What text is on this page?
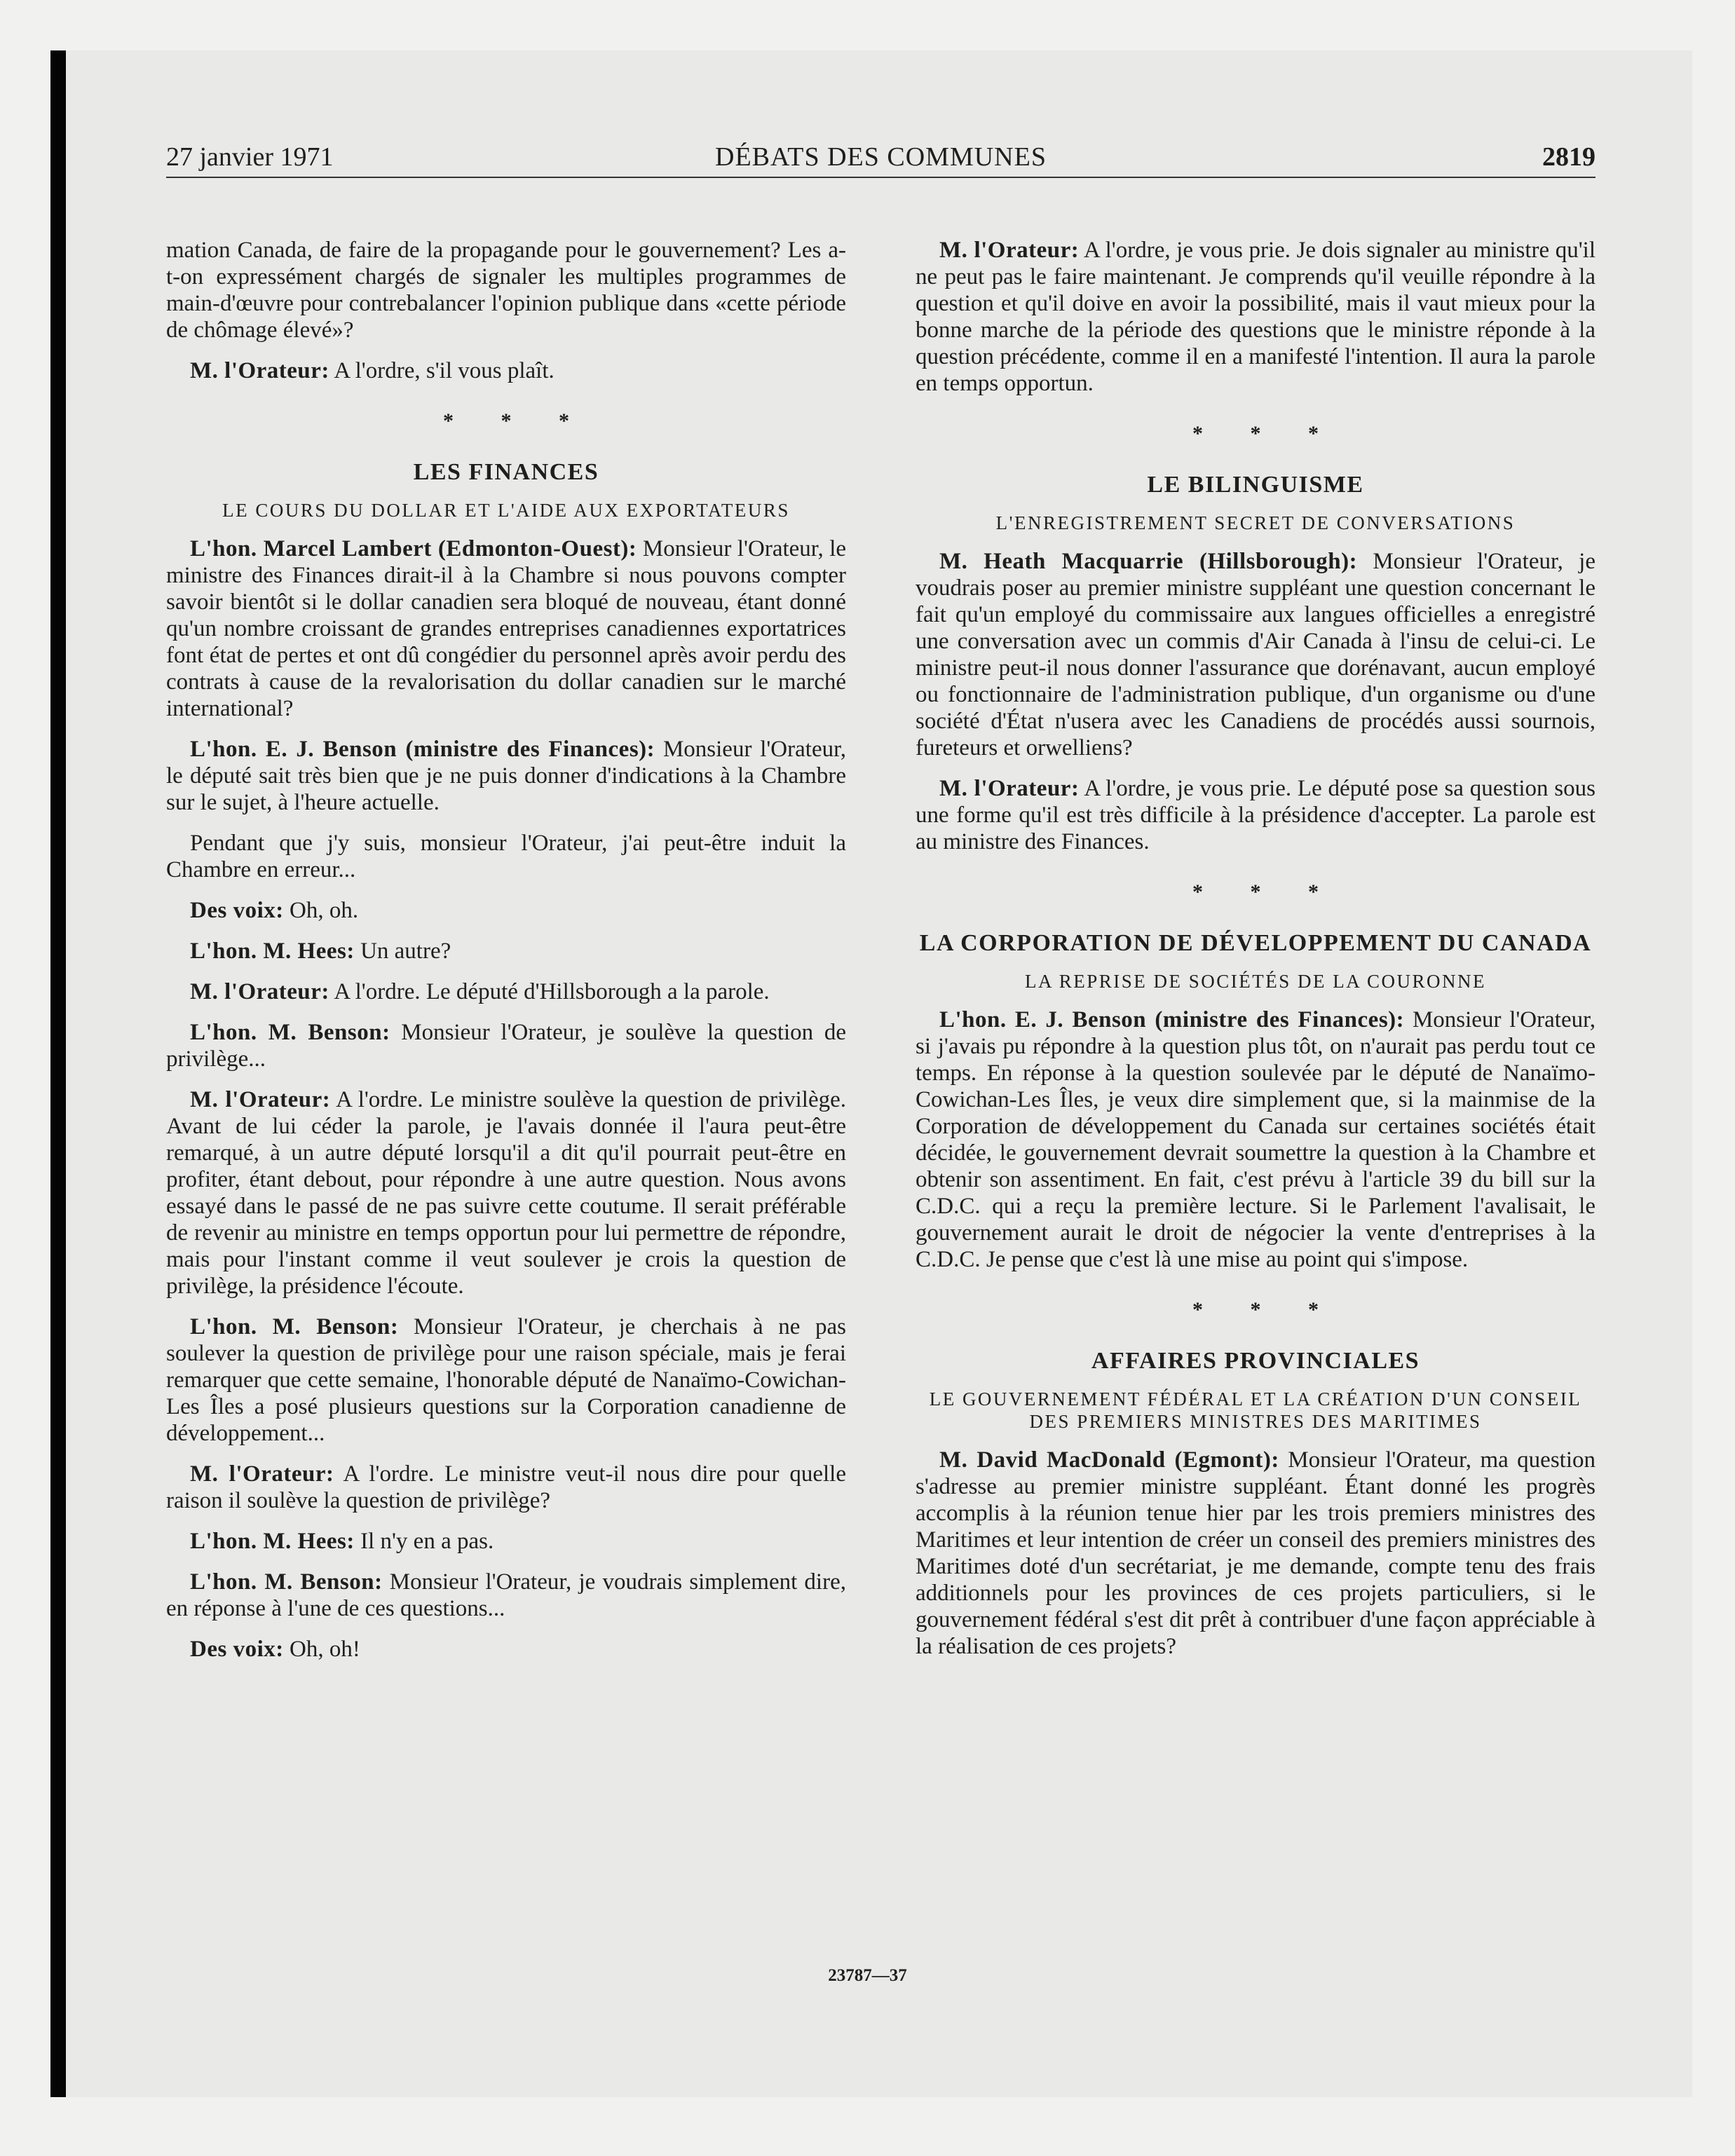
27 janvier 1971	DÉBATS DES COMMUNES	2819

mation Canada, de faire de la propagande pour le gouvernement? Les a-t-on expressément chargés de signaler les multiples programmes de main-d'œuvre pour contrebalancer l'opinion publique dans «cette période de chômage élevé»?

M. l'Orateur: A l'ordre, s'il vous plaît.

* * *
LES FINANCES
LE COURS DU DOLLAR ET L'AIDE AUX EXPORTATEURS

L'hon. Marcel Lambert (Edmonton-Ouest): Monsieur l'Orateur, le ministre des Finances dirait-il à la Chambre si nous pouvons compter savoir bientôt si le dollar canadien sera bloqué de nouveau, étant donné qu'un nombre croissant de grandes entreprises canadiennes exportatrices font état de pertes et ont dû congédier du personnel après avoir perdu des contrats à cause de la revalorisation du dollar canadien sur le marché international?

L'hon. E. J. Benson (ministre des Finances): Monsieur l'Orateur, le député sait très bien que je ne puis donner d'indications à la Chambre sur le sujet, à l'heure actuelle.

Pendant que j'y suis, monsieur l'Orateur, j'ai peut-être induit la Chambre en erreur...

Des voix: Oh, oh.

L'hon. M. Hees: Un autre?

M. l'Orateur: A l'ordre. Le député d'Hillsborough a la parole.

L'hon. M. Benson: Monsieur l'Orateur, je soulève la question de privilège...

M. l'Orateur: A l'ordre. Le ministre soulève la question de privilège. Avant de lui céder la parole, je l'avais donnée il l'aura peut-être remarqué, à un autre député lorsqu'il a dit qu'il pourrait peut-être en profiter, étant debout, pour répondre à une autre question. Nous avons essayé dans le passé de ne pas suivre cette coutume. Il serait préférable de revenir au ministre en temps opportun pour lui permettre de répondre, mais pour l'instant comme il veut soulever je crois la question de privilège, la présidence l'écoute.

L'hon. M. Benson: Monsieur l'Orateur, je cherchais à ne pas soulever la question de privilège pour une raison spéciale, mais je ferai remarquer que cette semaine, l'honorable député de Nanaïmo-Cowichan-Les Îles a posé plusieurs questions sur la Corporation canadienne de développement...

M. l'Orateur: A l'ordre. Le ministre veut-il nous dire pour quelle raison il soulève la question de privilège?

L'hon. M. Hees: Il n'y en a pas.

L'hon. M. Benson: Monsieur l'Orateur, je voudrais simplement dire, en réponse à l'une de ces questions...

Des voix: Oh, oh!

M. l'Orateur: A l'ordre, je vous prie. Je dois signaler au ministre qu'il ne peut pas le faire maintenant. Je comprends qu'il veuille répondre à la question et qu'il doive en avoir la possibilité, mais il vaut mieux pour la bonne marche de la période des questions que le ministre réponde à la question précédente, comme il en a manifesté l'intention. Il aura la parole en temps opportun.

* * *
LE BILINGUISME
L'ENREGISTREMENT SECRET DE CONVERSATIONS

M. Heath Macquarrie (Hillsborough): Monsieur l'Orateur, je voudrais poser au premier ministre suppléant une question concernant le fait qu'un employé du commissaire aux langues officielles a enregistré une conversation avec un commis d'Air Canada à l'insu de celui-ci. Le ministre peut-il nous donner l'assurance que dorénavant, aucun employé ou fonctionnaire de l'administration publique, d'un organisme ou d'une société d'État n'usera avec les Canadiens de procédés aussi sournois, fureteurs et orwelliens?

M. l'Orateur: A l'ordre, je vous prie. Le député pose sa question sous une forme qu'il est très difficile à la présidence d'accepter. La parole est au ministre des Finances.

* * *
LA CORPORATION DE DÉVELOPPEMENT DU CANADA
LA REPRISE DE SOCIÉTÉS DE LA COURONNE

L'hon. E. J. Benson (ministre des Finances): Monsieur l'Orateur, si j'avais pu répondre à la question plus tôt, on n'aurait pas perdu tout ce temps. En réponse à la question soulevée par le député de Nanaïmo-Cowichan-Les Îles, je veux dire simplement que, si la mainmise de la Corporation de développement du Canada sur certaines sociétés était décidée, le gouvernement devrait soumettre la question à la Chambre et obtenir son assentiment. En fait, c'est prévu à l'article 39 du bill sur la C.D.C. qui a reçu la première lecture. Si le Parlement l'avalisait, le gouvernement aurait le droit de négocier la vente d'entreprises à la C.D.C. Je pense que c'est là une mise au point qui s'impose.

* * *
AFFAIRES PROVINCIALES
LE GOUVERNEMENT FÉDÉRAL ET LA CRÉATION D'UN CONSEIL DES PREMIERS MINISTRES DES MARITIMES

M. David MacDonald (Egmont): Monsieur l'Orateur, ma question s'adresse au premier ministre suppléant. Étant donné les progrès accomplis à la réunion tenue hier par les trois premiers ministres des Maritimes et leur intention de créer un conseil des premiers ministres des Maritimes doté d'un secrétariat, je me demande, compte tenu des frais additionnels pour les provinces de ces projets particuliers, si le gouvernement fédéral s'est dit prêt à contribuer d'une façon appréciable à la réalisation de ces projets?

23787—37
